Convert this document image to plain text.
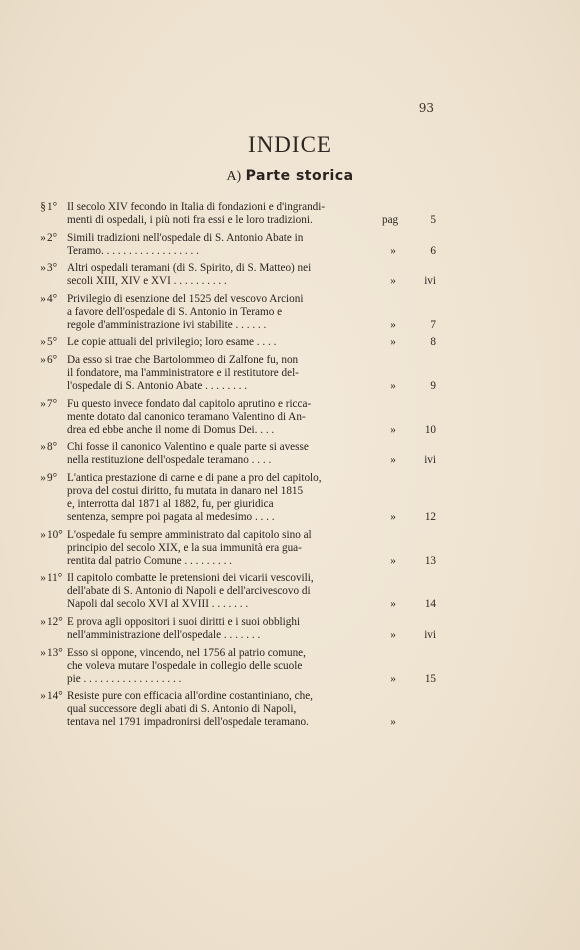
93
INDICE
A) Parte storica
§ 1° Il secolo XIV fecondo in Italia di fondazioni e d'ingrandi-
menti di ospedali, i più noti fra essi e le loro tradizioni.	pag	5
» 2° Simili tradizioni nell'ospedale di S. Antonio Abate in
Teramo. . . . . . . . . . . . . . . . . .	»	6
» 3° Altri ospedali teramani (di S. Spirito, di S. Matteo) nei
secoli XIII, XIV e XVI . . . . . . . . . .	»	ivi
» 4° Privilegio di esenzione del 1525 del vescovo Arcioni
a favore dell'ospedale di S. Antonio in Teramo e
regole d'amministrazione ivi stabilite . . . . . .	»	7
» 5° Le copie attuali del privilegio; loro esame . . . .	»	8
» 6° Da esso si trae che Bartolommeo di Zalfone fu, non
il fondatore, ma l'amministratore e il restitutore del-
l'ospedale di S. Antonio Abate . . . . . . . .	»	9
» 7° Fu questo invece fondato dal capitolo aprutino e ricca-
mente dotato dal canonico teramano Valentino di An-
drea ed ebbe anche il nome di Domus Dei. . . .	»	10
» 8° Chi fosse il canonico Valentino e quale parte si avesse
nella restituzione dell'ospedale teramano . . . .	»	ivi
» 9° L'antica prestazione di carne e di pane a pro del capitolo,
prova del costui diritto, fu mutata in danaro nel 1815
e, interrotta dal 1871 al 1882, fu, per giuridica
sentenza, sempre poi pagata al medesimo . . . .	»	12
» 10° L'ospedale fu sempre amministrato dal capitolo sino al
principio del secolo XIX, e la sua immunità era gua-
rentita dal patrio Comune . . . . . . . . .	»	13
» 11° Il capitolo combatte le pretensioni dei vicarii vescovili,
dell'abate di S. Antonio di Napoli e dell'arcivescovo di
Napoli dal secolo XVI al XVIII . . . . . . .	»	14
» 12° E prova agli oppositori i suoi diritti e i suoi obblighi
nell'amministrazione dell'ospedale . . . . . . .	»	ivi
» 13° Esso si oppone, vincendo, nel 1756 al patrio comune,
che voleva mutare l'ospedale in collegio delle scuole
pie . . . . . . . . . . . . . . . . . .	»	15
» 14° Resiste pure con efficacia all'ordine costantiniano, che,
qual successore degli abati di S. Antonio di Napoli,
tentava nel 1791 impadronirsi dell'ospedale teramano.	»
